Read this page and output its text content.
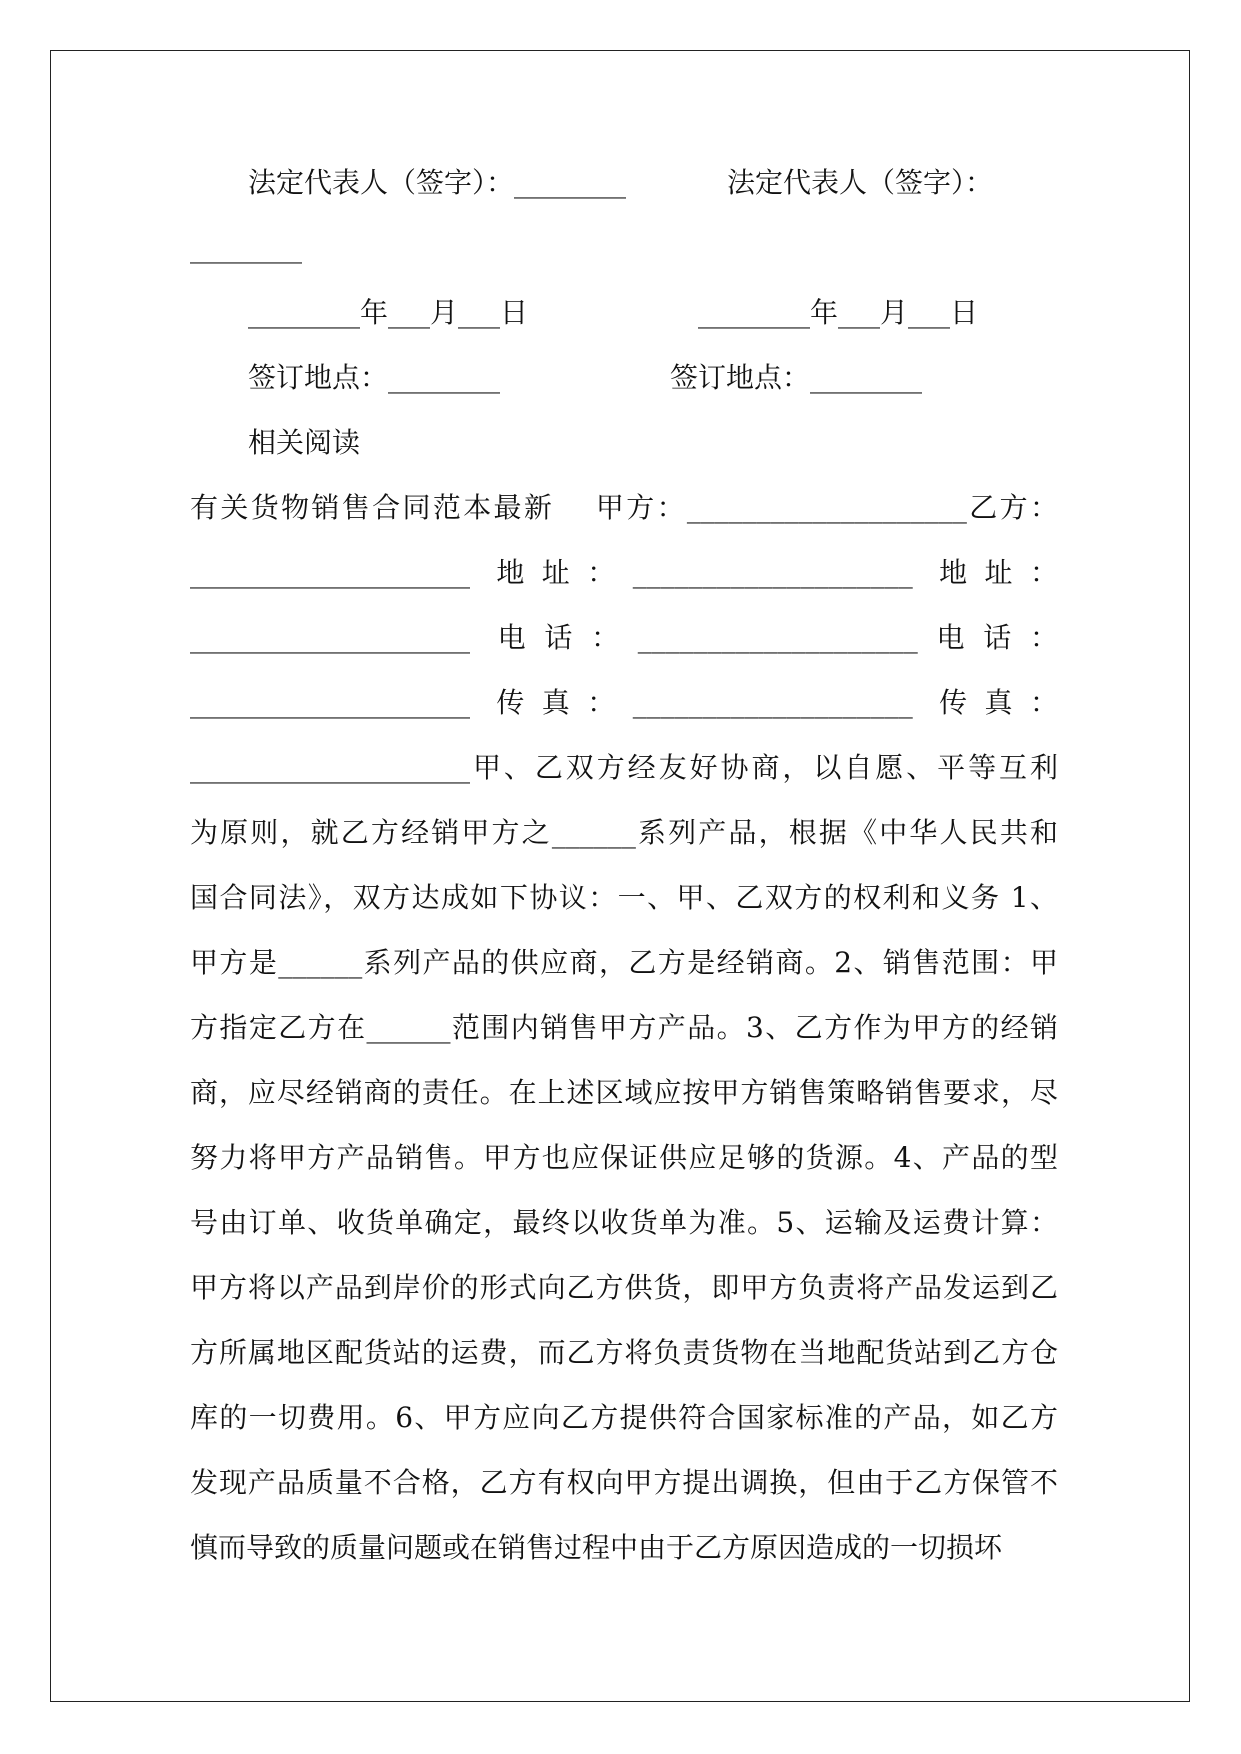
法定代表人（签字）：________	法定代表人（签字）：
________
________年___月___日	________年___月___日
签订地点：________	签订地点：________
相关阅读
有关货物销售合同范本最新　 甲方：____________________乙方：
____________________ 地址：____________________ 地址：
____________________ 电话：____________________电话：
____________________ 传真：____________________ 传真：
____________________甲、乙双方经友好协商，以自愿、平等互利
为原则，就乙方经销甲方之______系列产品，根据《中华人民共和
国合同法》，双方达成如下协议：一、甲、乙双方的权利和义务 1、
甲方是______系列产品的供应商，乙方是经销商。2、销售范围：甲
方指定乙方在______范围内销售甲方产品。3、乙方作为甲方的经销
商，应尽经销商的责任。在上述区域应按甲方销售策略销售要求，尽
努力将甲方产品销售。甲方也应保证供应足够的货源。4、产品的型
号由订单、收货单确定，最终以收货单为准。5、运输及运费计算：
甲方将以产品到岸价的形式向乙方供货，即甲方负责将产品发运到乙
方所属地区配货站的运费，而乙方将负责货物在当地配货站到乙方仓
库的一切费用。6、甲方应向乙方提供符合国家标准的产品，如乙方
发现产品质量不合格，乙方有权向甲方提出调换，但由于乙方保管不
慎而导致的质量问题或在销售过程中由于乙方原因造成的一切损坏
